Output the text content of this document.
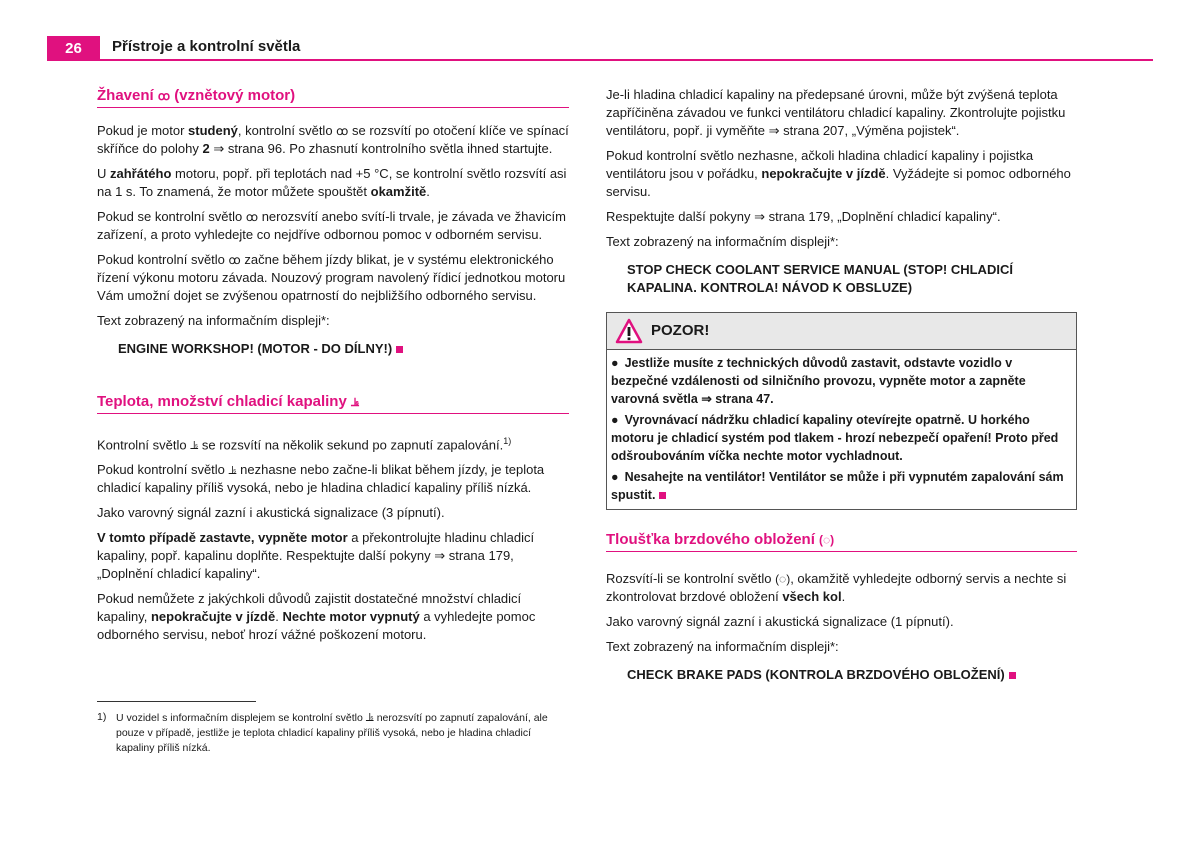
26	Přístroje a kontrolní světla
Žhavení ꝏ (vznětový motor)

Pokud je motor studený, kontrolní světlo ꝏ se rozsvítí po otočení klíče ve spínací skříňce do polohy 2 ⇒ strana 96. Po zhasnutí kontrolního světla ihned startujte.

U zahřátého motoru, popř. při teplotách nad +5 °C, se kontrolní světlo rozsvítí asi na 1 s. To znamená, že motor můžete spouštět okamžitě.

Pokud se kontrolní světlo ꝏ nerozsvítí anebo svítí-li trvale, je závada ve žhavicím zařízení, a proto vyhledejte co nejdříve odbornou pomoc v odborném servisu.

Pokud kontrolní světlo ꝏ začne během jízdy blikat, je v systému elektronického řízení výkonu motoru závada. Nouzový program navolený řídicí jednotkou motoru Vám umožní dojet se zvýšenou opatrností do nejbližšího odborného servisu.

Text zobrazený na informačním displeji*:

ENGINE WORKSHOP! (MOTOR - DO DÍLNY!)

Teplota, množství chladicí kapaliny ⫡

Kontrolní světlo ⫡ se rozsvítí na několik sekund po zapnutí zapalování.$^{1)}$

Pokud kontrolní světlo ⫡ nezhasne nebo začne-li blikat během jízdy, je teplota chladicí kapaliny příliš vysoká, nebo je hladina chladicí kapaliny příliš nízká.

Jako varovný signál zazní i akustická signalizace (3 pípnutí).

V tomto případě zastavte, vypněte motor a překontrolujte hladinu chladicí kapaliny, popř. kapalinu doplňte. Respektujte další pokyny ⇒ strana 179, „Doplnění chladicí kapaliny“.

Pokud nemůžete z jakýchkoli důvodů zajistit dostatečné množství chladicí kapaliny, nepokračujte v jízdě. Nechte motor vypnutý a vyhledejte pomoc odborného servisu, neboť hrozí vážné poškození motoru.

Je-li hladina chladicí kapaliny na předepsané úrovni, může být zvýšená teplota zapříčiněna závadou ve funkci ventilátoru chladicí kapaliny. Zkontrolujte pojistku ventilátoru, popř. ji vyměňte ⇒ strana 207, „Výměna pojistek“.

Pokud kontrolní světlo nezhasne, ačkoli hladina chladicí kapaliny i pojistka ventilátoru jsou v pořádku, nepokračujte v jízdě. Vyžádejte si pomoc odborného servisu.

Respektujte další pokyny ⇒ strana 179, „Doplnění chladicí kapaliny“.

Text zobrazený na informačním displeji*:

STOP CHECK COOLANT SERVICE MANUAL (STOP! CHLADICÍ KAPALINA. KONTROLA! NÁVOD K OBSLUZE)

POZOR!

● Jestliže musíte z technických důvodů zastavit, odstavte vozidlo v bezpečné vzdálenosti od silničního provozu, vypněte motor a zapněte varovná světla ⇒ strana 47.

● Vyrovnávací nádržku chladicí kapaliny otevírejte opatrně. U horkého motoru je chladicí systém pod tlakem - hrozí nebezpečí opaření! Proto před odšroubováním víčka nechte motor vychladnout.

● Nesahejte na ventilátor! Ventilátor se může i při vypnutém zapalování sám spustit.

Tloušťka brzdového obložení (◌)

Rozsvítí-li se kontrolní světlo (◌), okamžitě vyhledejte odborný servis a nechte si zkontrolovat brzdové obložení všech kol.

Jako varovný signál zazní i akustická signalizace (1 pípnutí).

Text zobrazený na informačním displeji*:

CHECK BRAKE PADS (KONTROLA BRZDOVÉHO OBLOŽENÍ)

1) U vozidel s informačním displejem se kontrolní světlo ⫡ nerozsvítí po zapnutí zapalování, ale pouze v případě, jestliže je teplota chladicí kapaliny příliš vysoká, nebo je hladina chladicí kapaliny příliš nízká.
